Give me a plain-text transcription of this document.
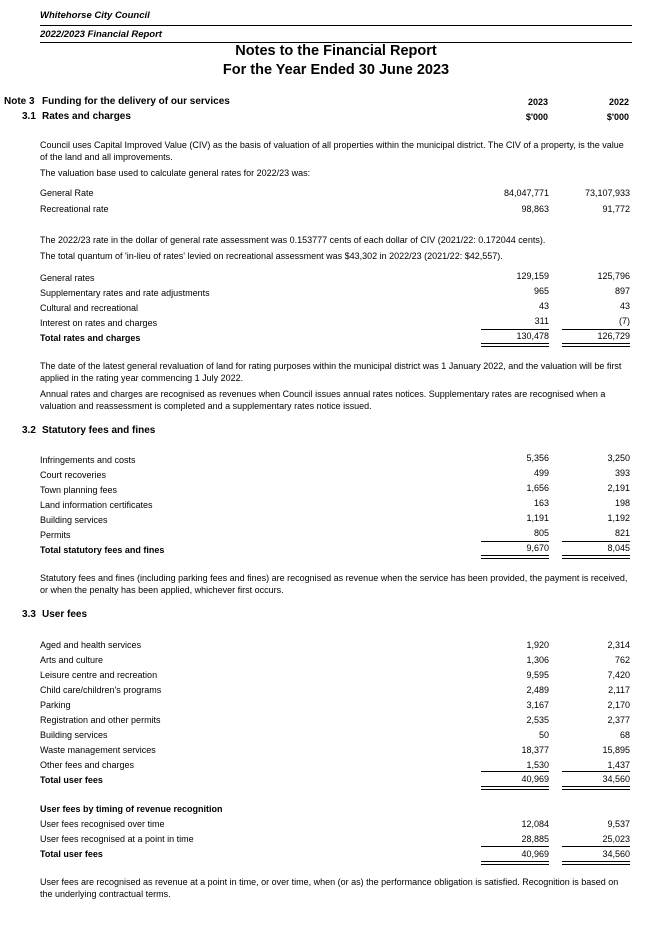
Whitehorse City Council
2022/2023 Financial Report
Notes to the Financial Report
For the Year Ended 30 June 2023
Note 3 Funding for the delivery of our services	2023	2022
3.1 Rates and charges	$'000	$'000
Council uses Capital Improved Value (CIV) as the basis of valuation of all properties within the municipal district. The CIV of a property, is the value of the land and all improvements.
The valuation base used to calculate general rates for 2022/23 was:
General Rate	84,047,771	73,107,933
Recreational rate	98,863	91,772
The 2022/23 rate in the dollar of general rate assessment was 0.153777 cents of each dollar of CIV (2021/22: 0.172044 cents).
The total quantum of 'in-lieu of rates' levied on recreational assessment was $43,302 in 2022/23 (2021/22: $42,557).
General rates	129,159	125,796
Supplementary rates and rate adjustments	965	897
Cultural and recreational	43	43
Interest on rates and charges	311	(7)
Total rates and charges	130,478	126,729
The date of the latest general revaluation of land for rating purposes within the municipal district was 1 January 2022, and the valuation will be first applied in the rating year commencing 1 July 2022.
Annual rates and charges are recognised as revenues when Council issues annual rates notices. Supplementary rates are recognised when a valuation and reassessment is completed and a supplementary rates notice issued.
3.2 Statutory fees and fines
Infringements and costs	5,356	3,250
Court recoveries	499	393
Town planning fees	1,656	2,191
Land information certificates	163	198
Building services	1,191	1,192
Permits	805	821
Total statutory fees and fines	9,670	8,045
Statutory fees and fines (including parking fees and fines) are recognised as revenue when the service has been provided, the payment is received, or when the penalty has been applied, whichever first occurs.
3.3 User fees
Aged and health services	1,920	2,314
Arts and culture	1,306	762
Leisure centre and recreation	9,595	7,420
Child care/children's programs	2,489	2,117
Parking	3,167	2,170
Registration and other permits	2,535	2,377
Building services	50	68
Waste management services	18,377	15,895
Other fees and charges	1,530	1,437
Total user fees	40,969	34,560
User fees by timing of revenue recognition
User fees recognised over time	12,084	9,537
User fees recognised at a point in time	28,885	25,023
Total user fees	40,969	34,560
User fees are recognised as revenue at a point in time, or over time, when (or as) the performance obligation is satisfied. Recognition is based on the underlying contractual terms.
